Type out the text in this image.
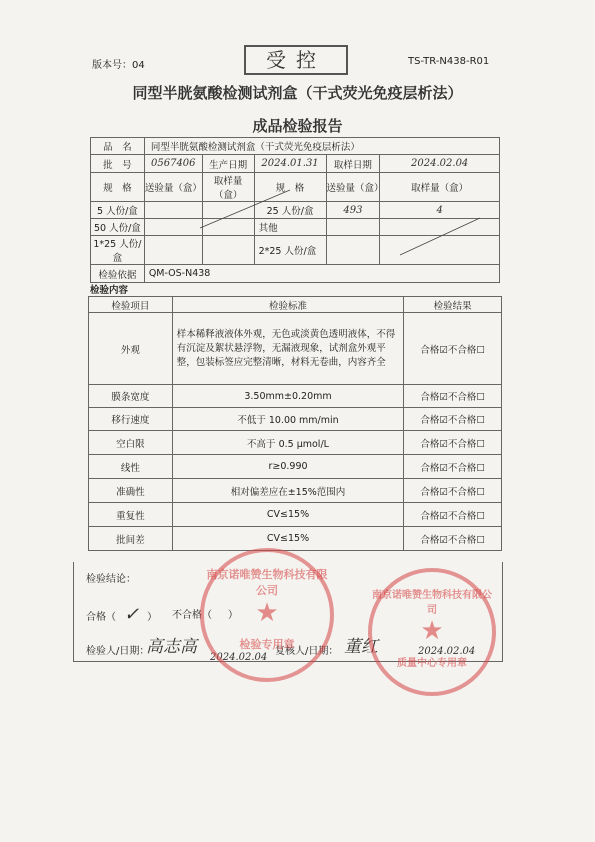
版本号：04	受控	TS-TR-N438-R01
同型半胱氨酸检测试剂盒（干式荧光免疫层析法）
成品检验报告
品　名	同型半胱氨酸检测试剂盒（干式荧光免疫层析法）				
批　号	0567406	生产日期	2024.01.31	取样日期	2024.02.04
规　格	送验量（盒）	取样量（盒）	规　格	送验量（盒）	取样量（盒）
5 人份/盒			25 人份/盒	493	4
50 人份/盒			其他		
1*25 人份/盒			2*25 人份/盒		
检验依据	QM-OS-N438				
检验内容
检验项目	检验标准	检验结果
外观	样本稀释液液体外观，无色或淡黄色透明液体，不得有沉淀及絮状悬浮物，无漏液现象，试剂盒外观平整，包装标签应完整清晰，材料无卷曲，内容齐全	合格☑不合格☐
膜条宽度	3.50mm±0.20mm	合格☑不合格☐
移行速度	不低于 10.00 mm/min	合格☑不合格☐
空白限	不高于 0.5 μmol/L	合格☑不合格☐
线性	r≥0.990	合格☑不合格☐
准确性	相对偏差应在±15%范围内	合格☑不合格☐
重复性	CV≤15%	合格☑不合格☐
批间差	CV≤15%	合格☑不合格☐
检验结论：
合格（ ✓ ） 不合格（ ）
检验人/日期：
高志高
2024.02.04
复核人/日期： 董红	2024.02.04
南京诺唯赞生物科技有限公司
★
检验专用章
南京诺唯赞生物科技有限公司
★
质量中心专用章
